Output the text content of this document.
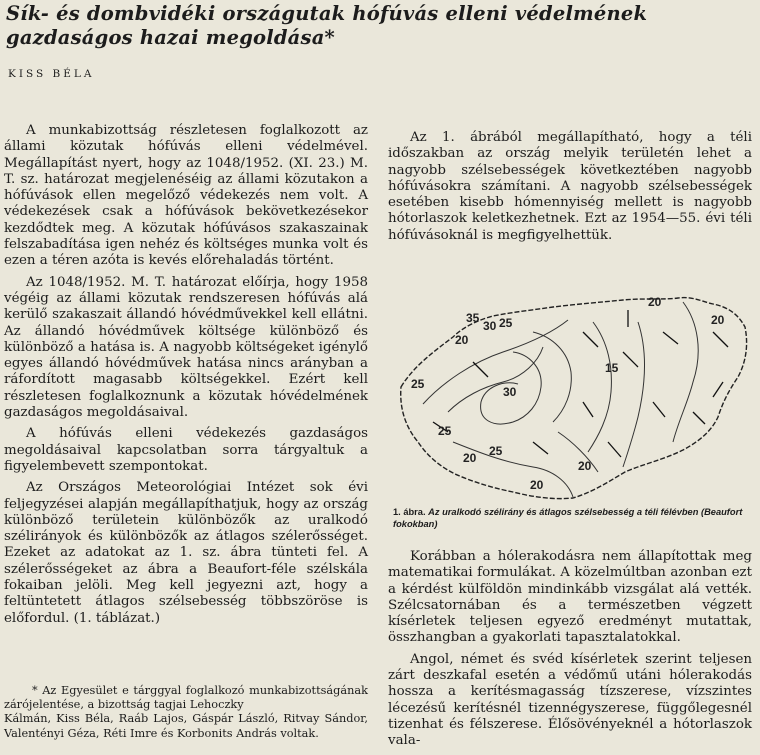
Sík- és dombvidéki országutak hófúvás elleni védelmének gazdaságos hazai megoldása*
KISS BÉLA

A munkabizottság részletesen foglalkozott az állami közutak hófúvás elleni védelmével. Megállapítást nyert, hogy az 1048/1952. (XI. 23.) M. T. sz. határozat megjelenéséig az állami közutakon a hófúvások ellen megelőző védekezés nem volt. A védekezések csak a hófúvások bekövetkezésekor kezdődtek meg. A közutak hófúvásos szakaszainak felszabadítása igen nehéz és költséges munka volt és ezen a téren azóta is kevés előrehaladás történt.

Az 1048/1952. M. T. határozat előírja, hogy 1958 végéig az állami közutak rendszeresen hófúvás alá kerülő szakaszait állandó hóvédművekkel kell ellátni. Az állandó hóvédművek költsége különböző és különböző a hatása is. A nagyobb költségeket igénylő egyes állandó hóvédművek hatása nincs arányban a ráfordított magasabb költségekkel. Ezért kell részletesen foglalkoznunk a közutak hóvédelmének gazdaságos megoldásaival.

A hófúvás elleni védekezés gazdaságos megoldásaival kapcsolatban sorra tárgyaltuk a figyelembevett szempontokat.

Az Országos Meteorológiai Intézet sok évi feljegyzései alapján megállapíthatjuk, hogy az ország különböző területein különbözők az uralkodó szélirányok és különbözők az átlagos szélerősséget. Ezeket az adatokat az 1. sz. ábra tünteti fel. A szélerősségeket az ábra a Beaufort-féle szélskála fokaiban jelöli. Meg kell jegyezni azt, hogy a feltüntetett átlagos szélsebesség többszöröse is előfordul. (1. táblázat.)

* Az Egyesület e tárggyal foglalkozó munkabizottságának zárójelentése, a bizottság tagjai Lehoczky
Kálmán, Kiss Béla, Raáb Lajos, Gáspár László, Ritvay Sándor, Valentényi Géza, Réti Imre és Korbonits András voltak.

Az 1. ábrából megállapítható, hogy a téli időszakban az ország melyik területén lehet a nagyobb szélsebességek következtében nagyobb hófúvásokra számítani. A nagyobb szélsebességek esetében kisebb hómennyiség mellett is nagyobb hótorlaszok keletkezhetnek. Ezt az 1954—55. évi téli hófúvásoknál is megfigyelhettük.

20
20
35
30 25
20
25
30
15
25
20 25
20
20
1. ábra. Az uralkodó szélirány és átlagos szélsebesség a téli félévben (Beaufort fokokban)

Korábban a hólerakodásra nem állapítottak meg matematikai formulákat. A közelmúltban azonban ezt a kérdést külföldön mindinkább vizsgálat alá vették. Szélcsatornában és a természetben végzett kísérletek teljesen egyező eredményt mutattak, összhangban a gyakorlati tapasztalatokkal.

Angol, német és svéd kísérletek szerint teljesen zárt deszkafal esetén a védőmű utáni hólerakodás hossza a kerítésmagasság tízszerese, vízszintes lécezésű kerítésnél tizennégyszerese, függőlegesnél tizenhat és félszerese. Élősövényeknél a hótorlaszok vala-
